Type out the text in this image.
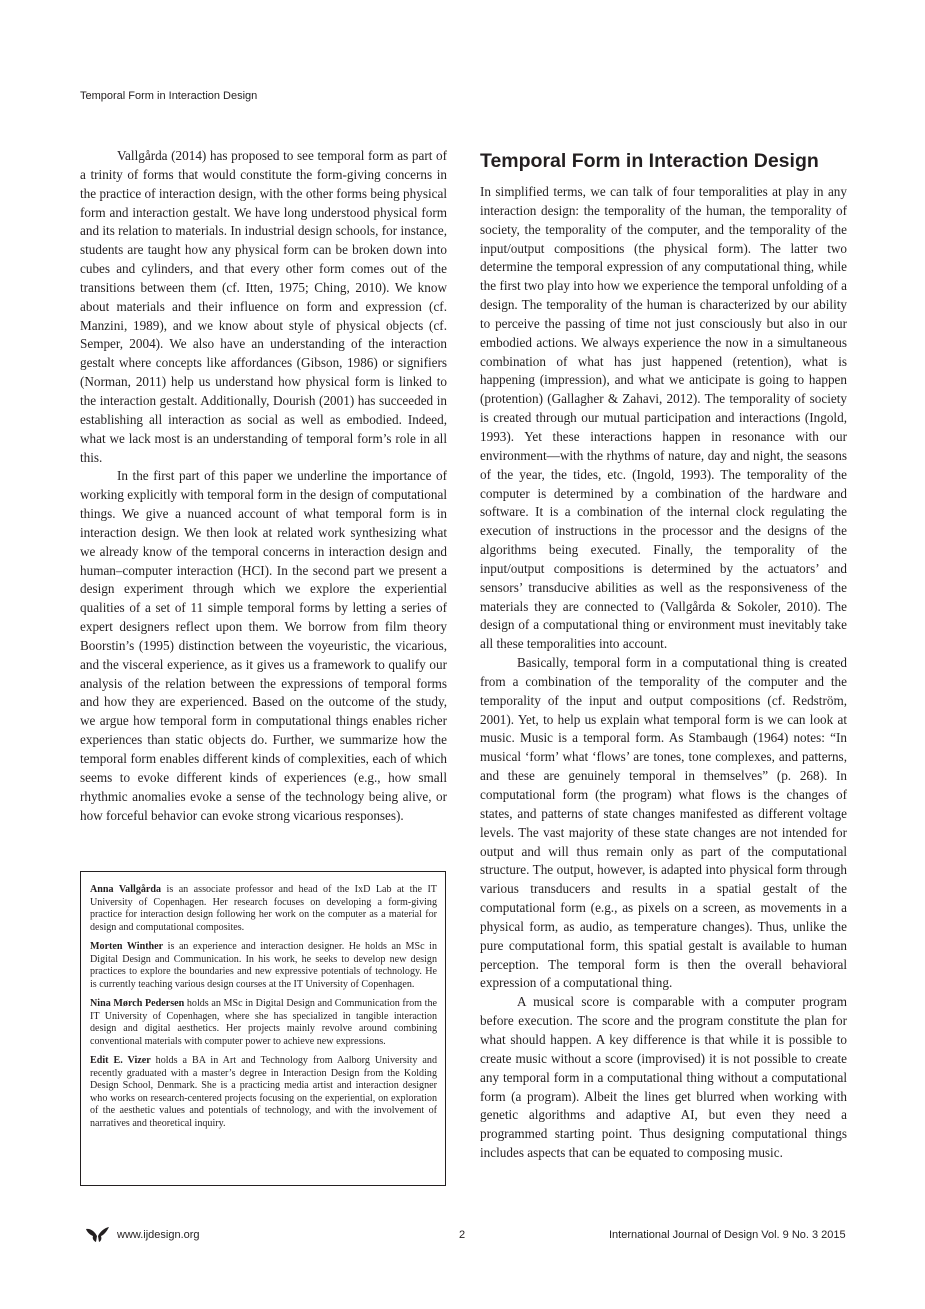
Temporal Form in Interaction Design

Vallgårda (2014) has proposed to see temporal form as part of a trinity of forms that would constitute the form-giving concerns in the practice of interaction design, with the other forms being physical form and interaction gestalt. We have long understood physical form and its relation to materials. In industrial design schools, for instance, students are taught how any physical form can be broken down into cubes and cylinders, and that every other form comes out of the transitions between them (cf. Itten, 1975; Ching, 2010). We know about materials and their influence on form and expression (cf. Manzini, 1989), and we know about style of physical objects (cf. Semper, 2004). We also have an understanding of the interaction gestalt where concepts like affordances (Gibson, 1986) or signifiers (Norman, 2011) help us understand how physical form is linked to the interaction gestalt. Additionally, Dourish (2001) has succeeded in establishing all interaction as social as well as embodied. Indeed, what we lack most is an understanding of temporal form’s role in all this.

In the first part of this paper we underline the importance of working explicitly with temporal form in the design of computational things. We give a nuanced account of what temporal form is in interaction design. We then look at related work synthesizing what we already know of the temporal concerns in interaction design and human–computer interaction (HCI). In the second part we present a design experiment through which we explore the experiential qualities of a set of 11 simple temporal forms by letting a series of expert designers reflect upon them. We borrow from film theory Boorstin’s (1995) distinction between the voyeuristic, the vicarious, and the visceral experience, as it gives us a framework to qualify our analysis of the relation between the expressions of temporal forms and how they are experienced. Based on the outcome of the study, we argue how temporal form in computational things enables richer experiences than static objects do. Further, we summarize how the temporal form enables different kinds of complexities, each of which seems to evoke different kinds of experiences (e.g., how small rhythmic anomalies evoke a sense of the technology being alive, or how forceful behavior can evoke strong vicarious responses).

Anna Vallgårda is an associate professor and head of the IxD Lab at the IT University of Copenhagen. Her research focuses on developing a form-giving practice for interaction design following her work on the computer as a material for design and computational composites.

Morten Winther is an experience and interaction designer. He holds an MSc in Digital Design and Communication. In his work, he seeks to develop new design practices to explore the boundaries and new expressive potentials of technology. He is currently teaching various design courses at the IT University of Copenhagen.

Nina Mørch Pedersen holds an MSc in Digital Design and Communication from the IT University of Copenhagen, where she has specialized in tangible interaction design and digital aesthetics. Her projects mainly revolve around combining conventional materials with computer power to achieve new expressions.

Edit E. Vizer holds a BA in Art and Technology from Aalborg University and recently graduated with a master’s degree in Interaction Design from the Kolding Design School, Denmark. She is a practicing media artist and interaction designer who works on research-centered projects focusing on the experiential, on exploration of the aesthetic values and potentials of technology, and with the involvement of narratives and theoretical inquiry.

Temporal Form in Interaction Design

In simplified terms, we can talk of four temporalities at play in any interaction design: the temporality of the human, the temporality of society, the temporality of the computer, and the temporality of the input/output compositions (the physical form). The latter two determine the temporal expression of any computational thing, while the first two play into how we experience the temporal unfolding of a design. The temporality of the human is characterized by our ability to perceive the passing of time not just consciously but also in our embodied actions. We always experience the now in a simultaneous combination of what has just happened (retention), what is happening (impression), and what we anticipate is going to happen (protention) (Gallagher & Zahavi, 2012). The temporality of society is created through our mutual participation and interactions (Ingold, 1993). Yet these interactions happen in resonance with our environment—with the rhythms of nature, day and night, the seasons of the year, the tides, etc. (Ingold, 1993). The temporality of the computer is determined by a combination of the hardware and software. It is a combination of the internal clock regulating the execution of instructions in the processor and the designs of the algorithms being executed. Finally, the temporality of the input/output compositions is determined by the actuators’ and sensors’ transducive abilities as well as the responsiveness of the materials they are connected to (Vallgårda & Sokoler, 2010). The design of a computational thing or environment must inevitably take all these temporalities into account.

Basically, temporal form in a computational thing is created from a combination of the temporality of the computer and the temporality of the input and output compositions (cf. Redström, 2001). Yet, to help us explain what temporal form is we can look at music. Music is a temporal form. As Stambaugh (1964) notes: “In musical ‘form’ what ‘flows’ are tones, tone complexes, and patterns, and these are genuinely temporal in themselves” (p. 268). In computational form (the program) what flows is the changes of states, and patterns of state changes manifested as different voltage levels. The vast majority of these state changes are not intended for output and will thus remain only as part of the computational structure. The output, however, is adapted into physical form through various transducers and results in a spatial gestalt of the computational form (e.g., as pixels on a screen, as movements in a physical form, as audio, as temperature changes). Thus, unlike the pure computational form, this spatial gestalt is available to human perception. The temporal form is then the overall behavioral expression of a computational thing.

A musical score is comparable with a computer program before execution. The score and the program constitute the plan for what should happen. A key difference is that while it is possible to create music without a score (improvised) it is not possible to create any temporal form in a computational thing without a computational form (a program). Albeit the lines get blurred when working with genetic algorithms and adaptive AI, but even they need a programmed starting point. Thus designing computational things includes aspects that can be equated to composing music.

www.ijdesign.org	2	International Journal of Design Vol. 9 No. 3 2015
